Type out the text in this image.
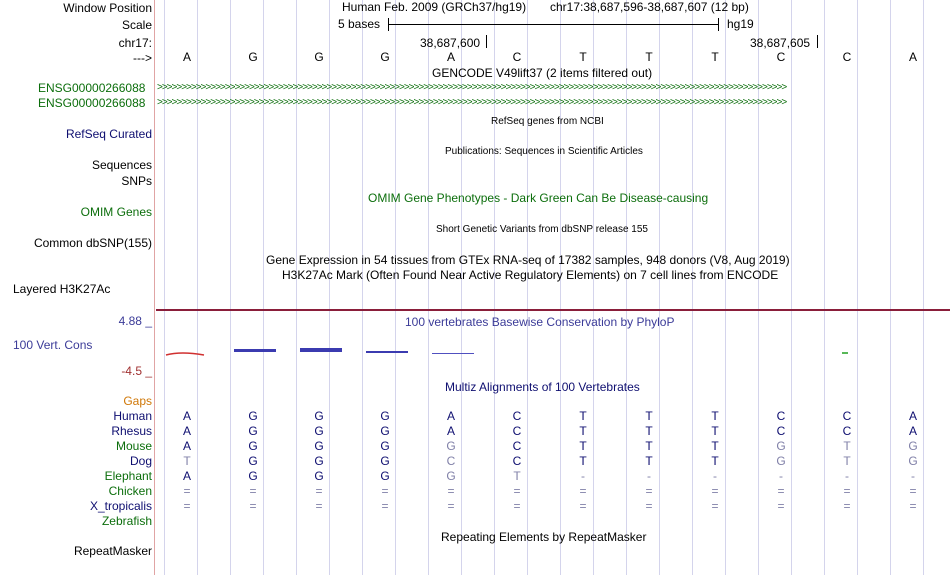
Window Position
Scale
chr17:
--->
Human Feb. 2009 (GRCh37/hg19) chr17:38,687,596-38,687,607 (12 bp)
5 bases	hg19
38,687,600	38,687,605
A	G	G	G	A	C	T	T	T	C	C	A
GENCODE V49lift37 (2 items filtered out)
ENSG00000266088 >>>>>>>>>>>>>>>>>>>>>>>>>>>>>>>>>>>>>>>>>>>>>>>>>>>>>>>>>>>>>>>>>>>>>>>>>>>>>>>>>>>>>>>>>>>>>>>>>>>>>>>>>>>>>>>>>>>>>>>>>>>>>>>>>>
ENSG00000266088 >>>>>>>>>>>>>>>>>>>>>>>>>>>>>>>>>>>>>>>>>>>>>>>>>>>>>>>>>>>>>>>>>>>>>>>>>>>>>>>>>>>>>>>>>>>>>>>>>>>>>>>>>>>>>>>>>>>>>>>>>>>>>>>>>>
RefSeq genes from NCBI
RefSeq Curated
Publications: Sequences in Scientific Articles
Sequences
SNPs
OMIM Gene Phenotypes - Dark Green Can Be Disease-causing
OMIM Genes
Short Genetic Variants from dbSNP release 155
Common dbSNP(155)
Gene Expression in 54 tissues from GTEx RNA-seq of 17382 samples, 948 donors (V8, Aug 2019)
H3K27Ac Mark (Often Found Near Active Regulatory Elements) on 7 cell lines from ENCODE
Layered H3K27Ac
4.88 _	100 vertebrates Basewise Conservation by PhyloP
100 Vert. Cons
-4.5 _
Multiz Alignments of 100 Vertebrates
Gaps
Human	A	G	G	G	A	C	T	T	T	C	C	A
Rhesus	A	G	G	G	A	C	T	T	T	C	C	A
Mouse	A	G	G	G	G	C	T	T	T	G	T	G
Dog	T	G	G	G	C	C	T	T	T	G	T	G
Elephant	A	G	G	G	G	T	-	-	-	-	-	-
Chicken	=	=	=	=	=	=	=	=	=	=	=	=
X_tropicalis	=	=	=	=	=	=	=	=	=	=	=	=
Zebrafish
Repeating Elements by RepeatMasker
RepeatMasker
